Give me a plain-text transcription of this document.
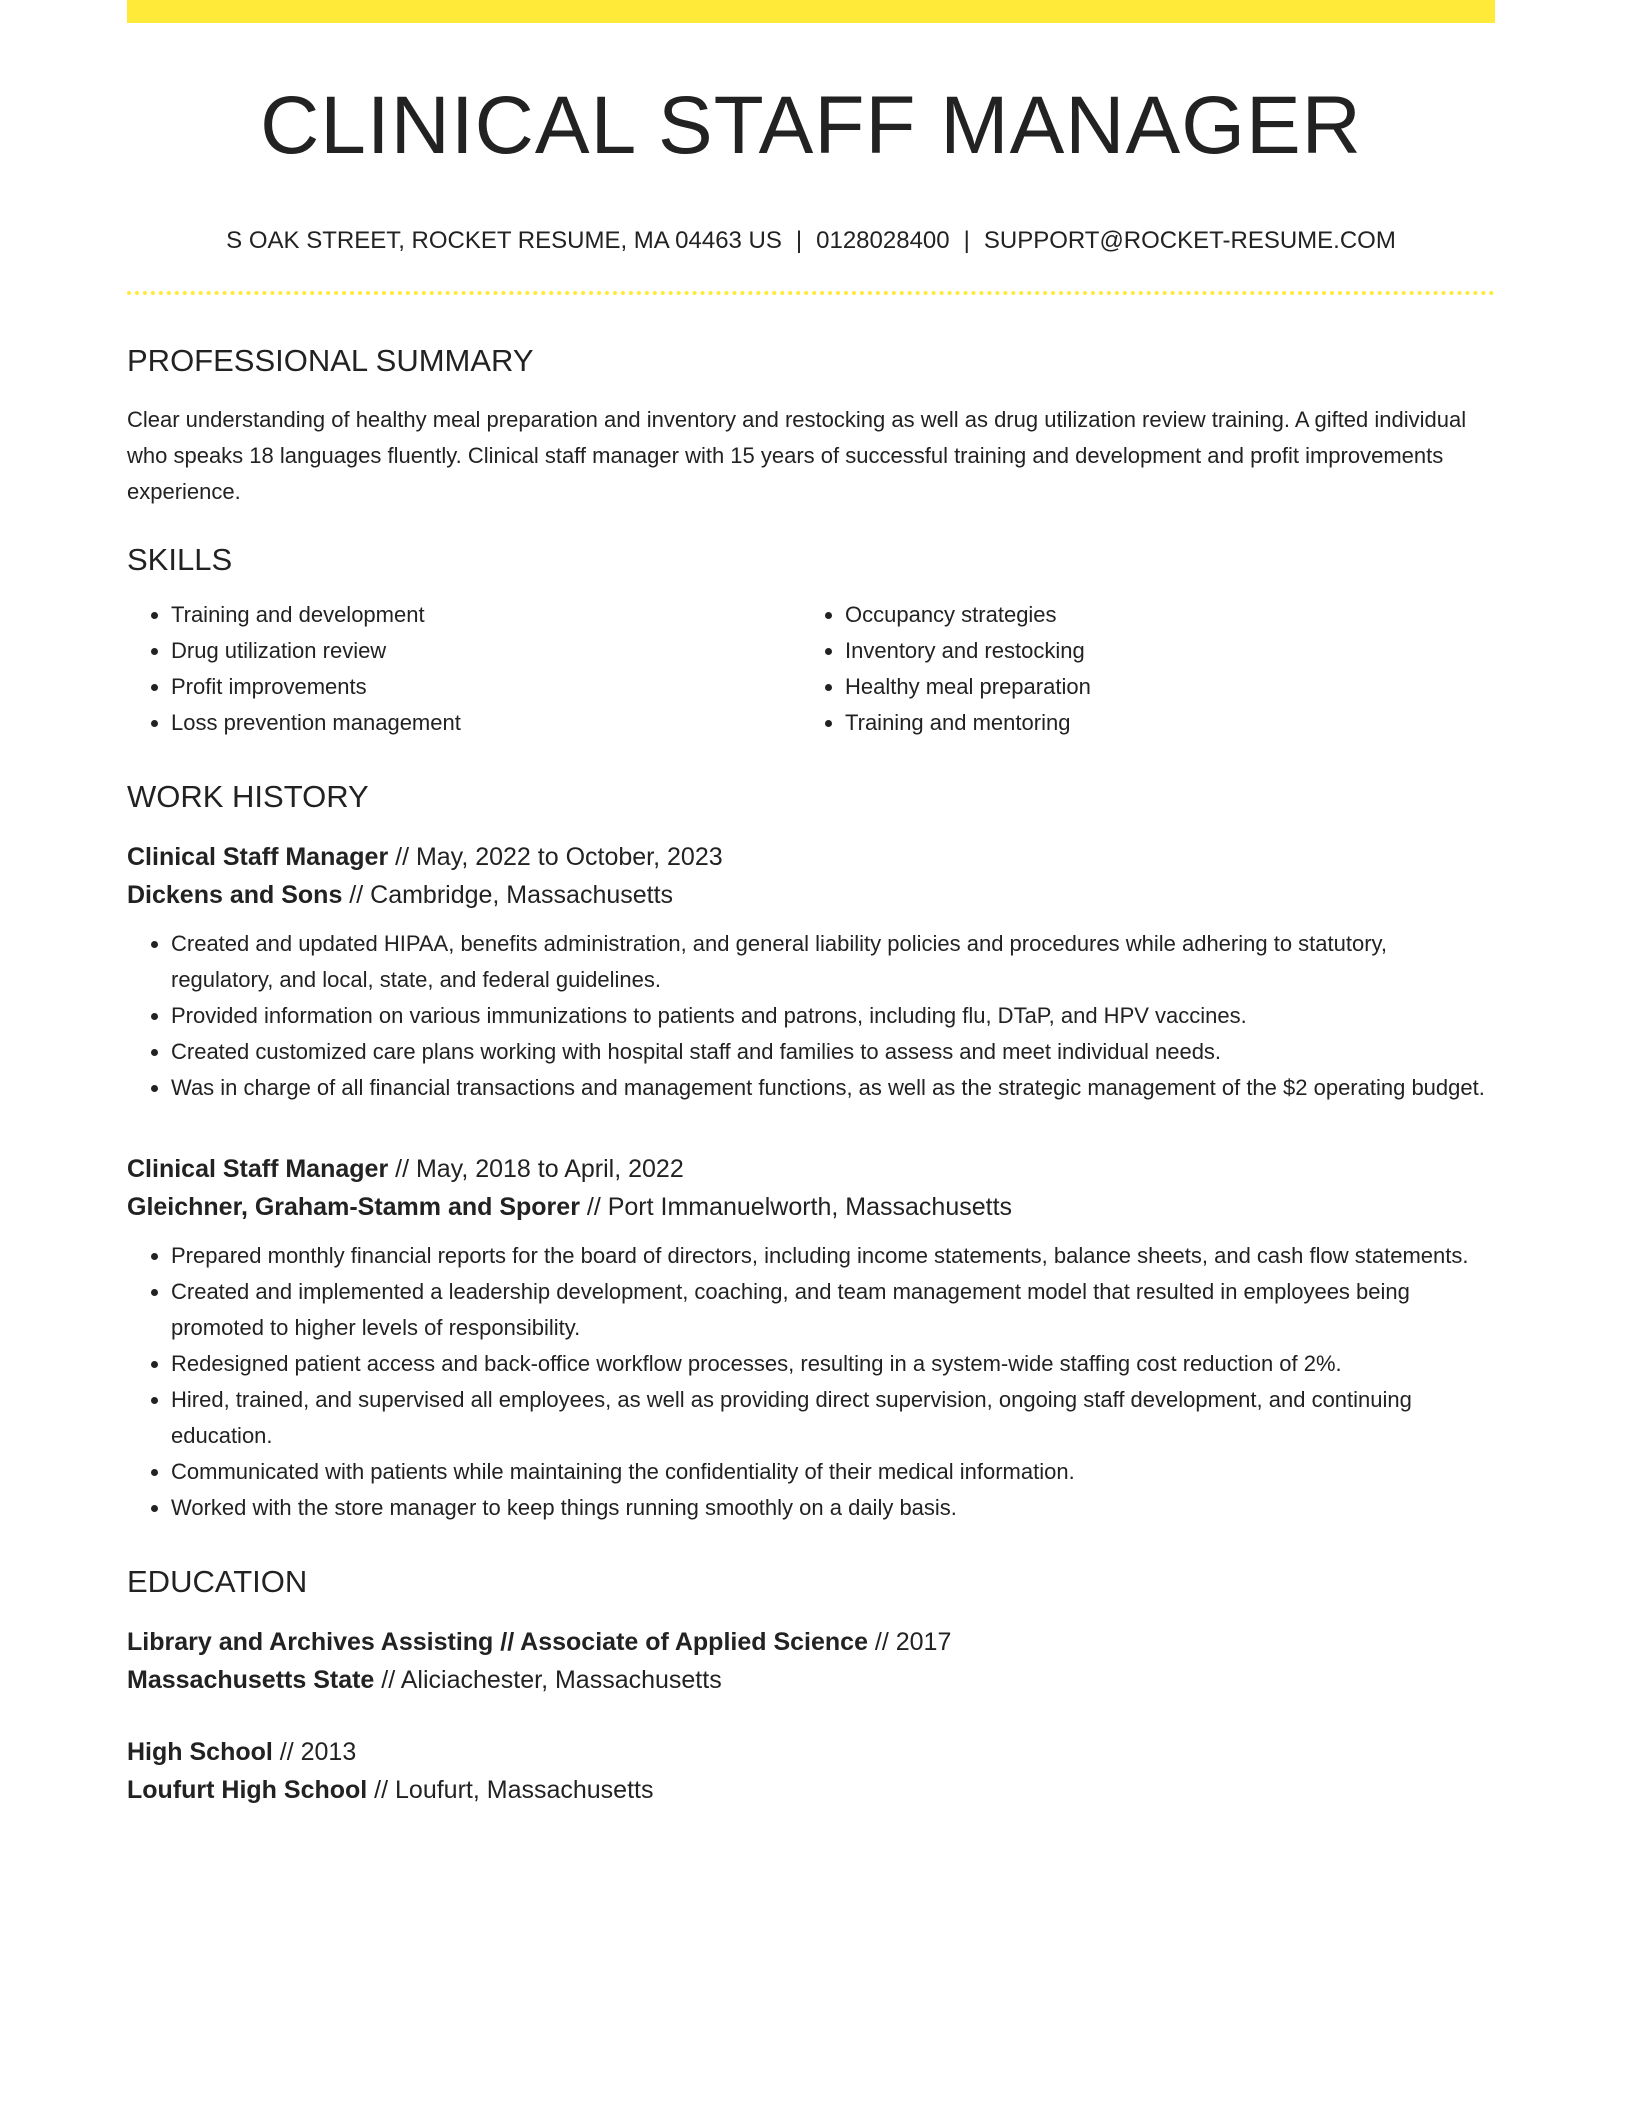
CLINICAL STAFF MANAGER
S OAK STREET, ROCKET RESUME, MA 04463 US | 0128028400 | SUPPORT@ROCKET-RESUME.COM
PROFESSIONAL SUMMARY
Clear understanding of healthy meal preparation and inventory and restocking as well as drug utilization review training. A gifted individual who speaks 18 languages fluently. Clinical staff manager with 15 years of successful training and development and profit improvements experience.
SKILLS
• Training and development
• Drug utilization review
• Profit improvements
• Loss prevention management
• Occupancy strategies
• Inventory and restocking
• Healthy meal preparation
• Training and mentoring
WORK HISTORY
Clinical Staff Manager // May, 2022 to October, 2023
Dickens and Sons // Cambridge, Massachusetts
• Created and updated HIPAA, benefits administration, and general liability policies and procedures while adhering to statutory, regulatory, and local, state, and federal guidelines.
• Provided information on various immunizations to patients and patrons, including flu, DTaP, and HPV vaccines.
• Created customized care plans working with hospital staff and families to assess and meet individual needs.
• Was in charge of all financial transactions and management functions, as well as the strategic management of the $2 operating budget.
Clinical Staff Manager // May, 2018 to April, 2022
Gleichner, Graham-Stamm and Sporer // Port Immanuelworth, Massachusetts
• Prepared monthly financial reports for the board of directors, including income statements, balance sheets, and cash flow statements.
• Created and implemented a leadership development, coaching, and team management model that resulted in employees being promoted to higher levels of responsibility.
• Redesigned patient access and back-office workflow processes, resulting in a system-wide staffing cost reduction of 2%.
• Hired, trained, and supervised all employees, as well as providing direct supervision, ongoing staff development, and continuing education.
• Communicated with patients while maintaining the confidentiality of their medical information.
• Worked with the store manager to keep things running smoothly on a daily basis.
EDUCATION
Library and Archives Assisting // Associate of Applied Science // 2017
Massachusetts State // Aliciachester, Massachusetts
High School // 2013
Loufurt High School // Loufurt, Massachusetts
